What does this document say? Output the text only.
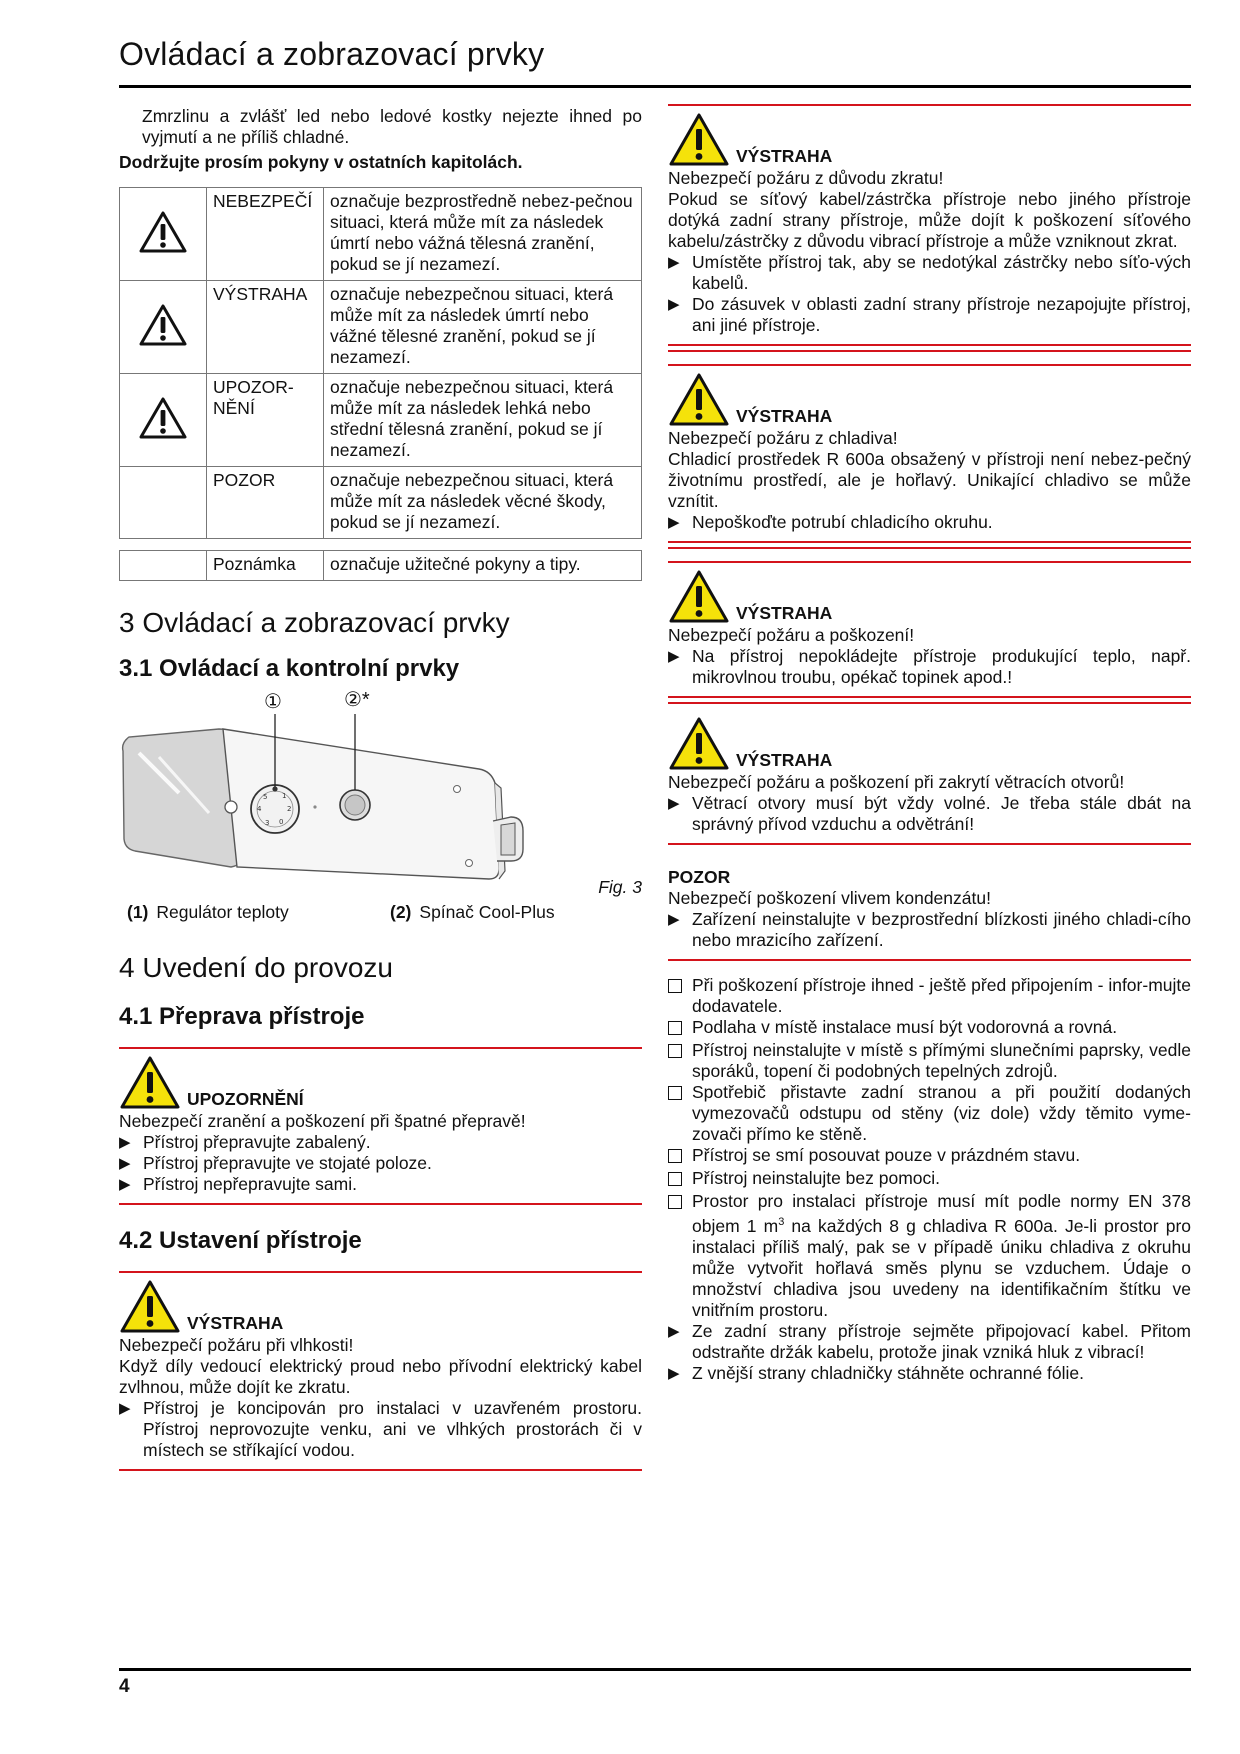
Ovládací a zobrazovací prvky

Zmrzlinu a zvlášť led nebo ledové kostky nejezte ihned po vyjmutí a ne příliš chladné.

Dodržujte prosím pokyny v ostatních kapitolách.

	NEBEZPEČÍ	označuje bezprostředně nebez-pečnou situaci, která může mít za následek úmrtí nebo vážná tělesná zranění, pokud se jí nezamezí.
	VÝSTRAHA	označuje nebezpečnou situaci, která může mít za následek úmrtí nebo vážné tělesné zranění, pokud se jí nezamezí.
	UPOZOR-NĚNÍ	označuje nebezpečnou situaci, která může mít za následek lehká nebo střední tělesná zranění, pokud se jí nezamezí.
	POZOR	označuje nebezpečnou situaci, která může mít za následek věcné škody, pokud se jí nezamezí.
	Poznámka	označuje užitečné pokyny a tipy.
3 Ovládací a zobrazovací prvky
3.1 Ovládací a kontrolní prvky
5 1
4	2
3 0
①	②*
Fig. 3
(1) Regulátor teploty	(2) Spínač Cool-Plus
4 Uvedení do provozu
4.1 Přeprava přístroje
UPOZORNĚNÍ

Nebezpečí zranění a poškození při špatné přepravě!

▶ Přístroj přepravujte zabalený.
▶ Přístroj přepravujte ve stojaté poloze.
▶ Přístroj nepřepravujte sami.
4.2 Ustavení přístroje
VÝSTRAHA

Nebezpečí požáru při vlhkosti!

Když díly vedoucí elektrický proud nebo přívodní elektrický kabel zvlhnou, může dojít ke zkratu.

▶ Přístroj je koncipován pro instalaci v uzavřeném prostoru. Přístroj neprovozujte venku, ani ve vlhkých prostorách či v místech se stříkající vodou.
VÝSTRAHA

Nebezpečí požáru z důvodu zkratu!

Pokud se síťový kabel/zástrčka přístroje nebo jiného přístroje dotýká zadní strany přístroje, může dojít k poškození síťového kabelu/zástrčky z důvodu vibrací přístroje a může vzniknout zkrat.

▶ Umístěte přístroj tak, aby se nedotýkal zástrčky nebo síťo-vých kabelů.
▶ Do zásuvek v oblasti zadní strany přístroje nezapojujte přístroj, ani jiné přístroje.
VÝSTRAHA

Nebezpečí požáru z chladiva!

Chladicí prostředek R 600a obsažený v přístroji není nebez-pečný životnímu prostředí, ale je hořlavý. Unikající chladivo se může vznítit.

▶ Nepoškoďte potrubí chladicího okruhu.
VÝSTRAHA

Nebezpečí požáru a poškození!

▶ Na přístroj nepokládejte přístroje produkující teplo, např. mikrovlnou troubu, opékač topinek apod.!
VÝSTRAHA

Nebezpečí požáru a poškození při zakrytí větracích otvorů!

▶ Větrací otvory musí být vždy volné. Je třeba stále dbát na správný přívod vzduchu a odvětrání!

POZOR

Nebezpečí poškození vlivem kondenzátu!

▶ Zařízení neinstalujte v bezprostřední blízkosti jiného chladi-cího nebo mrazicího zařízení.
Při poškození přístroje ihned - ještě před připojením - infor-mujte dodavatele.
Podlaha v místě instalace musí být vodorovná a rovná.
Přístroj neinstalujte v místě s přímými slunečními paprsky, vedle sporáků, topení či podobných tepelných zdrojů.
Spotřebič přistavte zadní stranou a při použití dodaných vymezovačů odstupu od stěny (viz dole) vždy těmito vyme-zovači přímo ke stěně.
Přístroj se smí posouvat pouze v prázdném stavu.
Přístroj neinstalujte bez pomoci.
Prostor pro instalaci přístroje musí mít podle normy EN 378 objem 1 $m^3$ na každých 8 g chladiva R 600a. Je-li prostor pro instalaci příliš malý, pak se v případě úniku chladiva z okruhu může vytvořit hořlavá směs plynu se vzduchem. Údaje o množství chladiva jsou uvedeny na identifikačním štítku ve vnitřním prostoru.
▶ Ze zadní strany přístroje sejměte připojovací kabel. Přitom odstraňte držák kabelu, protože jinak vzniká hluk z vibrací!
▶ Z vnější strany chladničky stáhněte ochranné fólie.
4
